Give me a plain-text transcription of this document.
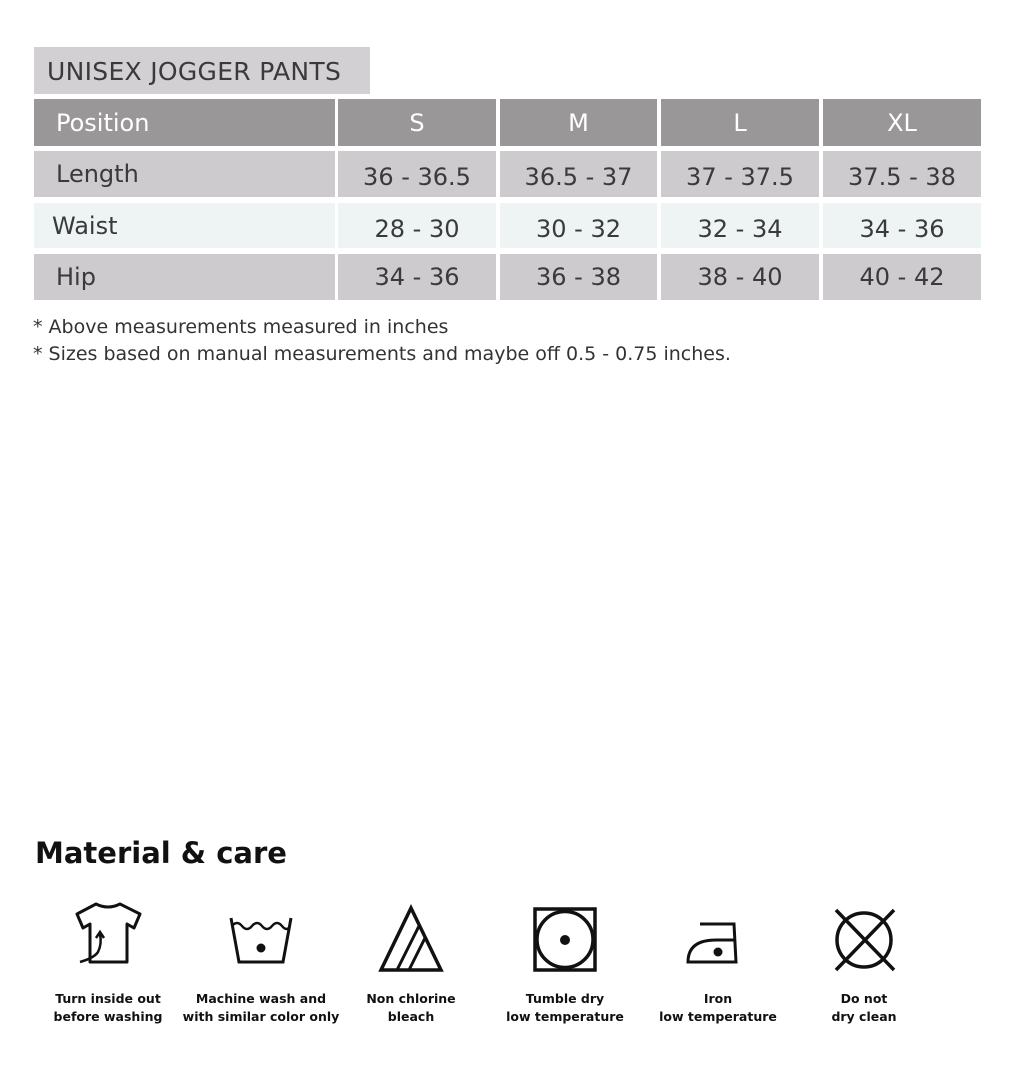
UNISEX JOGGER PANTS
Position	S	M	L	XL
Length	36 - 36.5	36.5 - 37	37 - 37.5	37.5 - 38
Waist	28 - 30	30 - 32	32 - 34	34 - 36
Hip	34 - 36	36 - 38	38 - 40	40 - 42
* Above measurements measured in inches
* Sizes based on manual measurements and maybe off 0.5 - 0.75 inches.
Material & care
Turn inside out
before washing
Machine wash and
with similar color only
Non chlorine
bleach
Tumble dry
low temperature
Iron
low temperature
Do not
dry clean
